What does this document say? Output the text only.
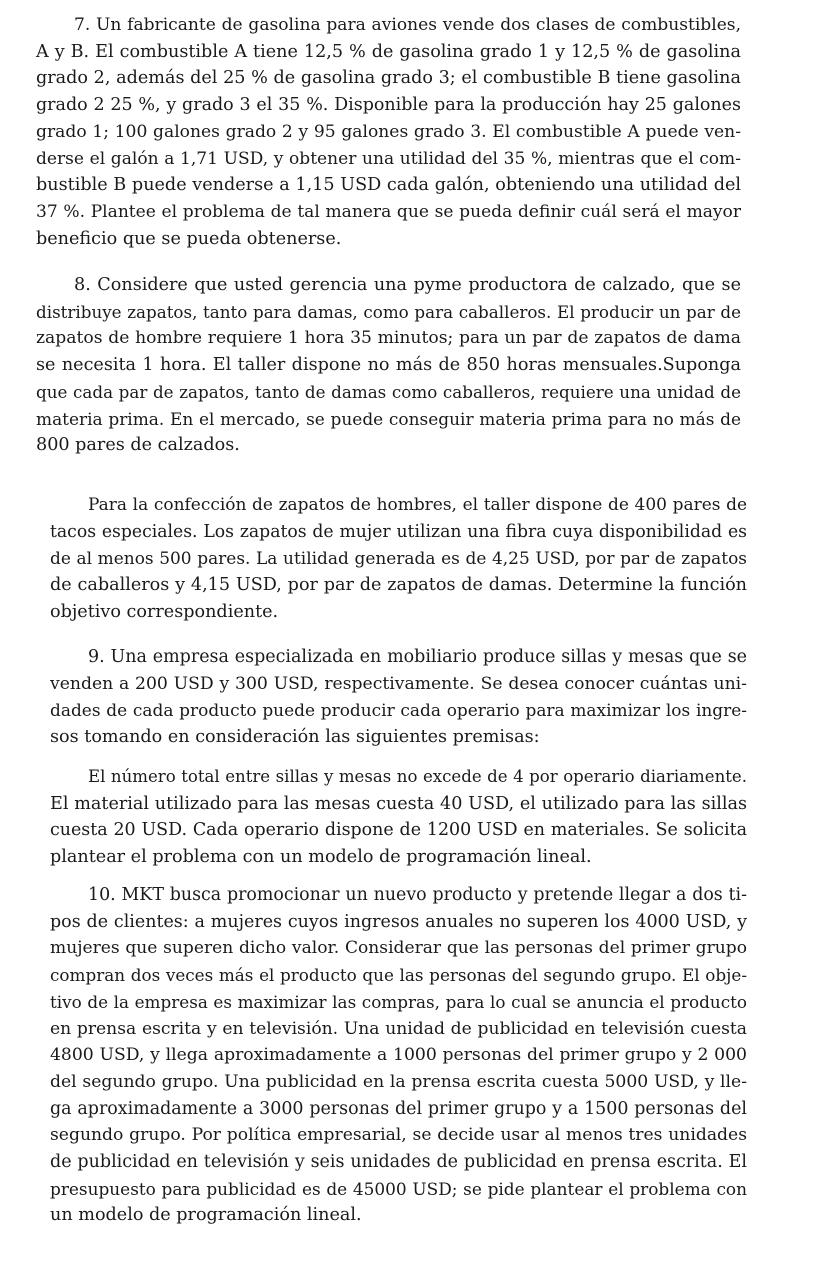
7. Un fabricante de gasolina para aviones vende dos clases de combustibles,
A y B. El combustible A tiene 12,5 % de gasolina grado 1 y 12,5 % de gasolina
grado 2, además del 25 % de gasolina grado 3; el combustible B tiene gasolina
grado 2 25 %, y grado 3 el 35 %. Disponible para la producción hay 25 galones
grado 1; 100 galones grado 2 y 95 galones grado 3. El combustible A puede ven-
derse el galón a 1,71 USD, y obtener una utilidad del 35 %, mientras que el com-
bustible B puede venderse a 1,15 USD cada galón, obteniendo una utilidad del
37 %. Plantee el problema de tal manera que se pueda definir cuál será el mayor
beneficio que se pueda obtenerse.
8. Considere que usted gerencia una pyme productora de calzado, que se
distribuye zapatos, tanto para damas, como para caballeros. El producir un par de
zapatos de hombre requiere 1 hora 35 minutos; para un par de zapatos de dama
se necesita 1 hora. El taller dispone no más de 850 horas mensuales.Suponga
que cada par de zapatos, tanto de damas como caballeros, requiere una unidad de
materia prima. En el mercado, se puede conseguir materia prima para no más de
800 pares de calzados.
Para la confección de zapatos de hombres, el taller dispone de 400 pares de
tacos especiales. Los zapatos de mujer utilizan una fibra cuya disponibilidad es
de al menos 500 pares. La utilidad generada es de 4,25 USD, por par de zapatos
de caballeros y 4,15 USD, por par de zapatos de damas. Determine la función
objetivo correspondiente.
9. Una empresa especializada en mobiliario produce sillas y mesas que se
venden a 200 USD y 300 USD, respectivamente. Se desea conocer cuántas uni-
dades de cada producto puede producir cada operario para maximizar los ingre-
sos tomando en consideración las siguientes premisas:
El número total entre sillas y mesas no excede de 4 por operario diariamente.
El material utilizado para las mesas cuesta 40 USD, el utilizado para las sillas
cuesta 20 USD. Cada operario dispone de 1200 USD en materiales. Se solicita
plantear el problema con un modelo de programación lineal.
10. MKT busca promocionar un nuevo producto y pretende llegar a dos ti-
pos de clientes: a mujeres cuyos ingresos anuales no superen los 4000 USD, y
mujeres que superen dicho valor. Considerar que las personas del primer grupo
compran dos veces más el producto que las personas del segundo grupo. El obje-
tivo de la empresa es maximizar las compras, para lo cual se anuncia el producto
en prensa escrita y en televisión. Una unidad de publicidad en televisión cuesta
4800 USD, y llega aproximadamente a 1000 personas del primer grupo y 2 000
del segundo grupo. Una publicidad en la prensa escrita cuesta 5000 USD, y lle-
ga aproximadamente a 3000 personas del primer grupo y a 1500 personas del
segundo grupo. Por política empresarial, se decide usar al menos tres unidades
de publicidad en televisión y seis unidades de publicidad en prensa escrita. El
presupuesto para publicidad es de 45000 USD; se pide plantear el problema con
un modelo de programación lineal.
